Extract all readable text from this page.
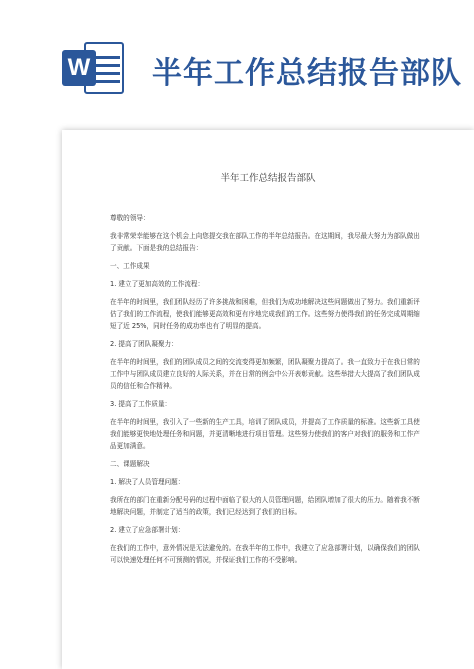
W 半年工作总结报告部队
​
半年工作总结报告部队

尊敬的领导：

我非常荣幸能够在这个机会上向您提交我在部队工作的半年总结报告。在这期间，我尽最大努力为部队做出了贡献。下面是我的总结报告：

一、工作成果

1. 建立了更加高效的工作流程：

在半年的时间里，我们团队经历了许多挑战和困难，但我们为成功地解决这些问题做出了努力。我们重新评估了我们的工作流程，使我们能够更高效和更有序地完成我们的工作。这些努力使得我们的任务完成周期缩短了近 25%，同时任务的成功率也有了明显的提高。

2. 提高了团队凝聚力：

在半年的时间里，我们的团队成员之间的交流变得更加频繁，团队凝聚力提高了。我一直致力于在我日常的工作中与团队成员建立良好的人际关系，并在日常的例会中公开表彰贡献。这些举措大大提高了我们团队成员的信任和合作精神。

3. 提高了工作质量：

在半年的时间里，我引入了一些新的生产工具，培训了团队成员，并提高了工作质量的标准。这些新工具使我们能够更快地处理任务和问题，并更清晰地进行项目管理。这些努力使我们的客户对我们的服务和工作产品更加满意。

二、课题解决

1. 解决了人员管理问题：

我所在的部门在重新分配号码的过程中面临了很大的人员管理问题，给团队增加了很大的压力。随着我不断地解决问题，并制定了适当的政策，我们已经达到了我们的目标。

2. 建立了应急部署计划：

在我们的工作中，意外情况是无法避免的。在我半年的工作中，我建立了应急部署计划，以确保我们的团队可以快速处理任何不可预测的情况，并保证我们工作的不受影响。
